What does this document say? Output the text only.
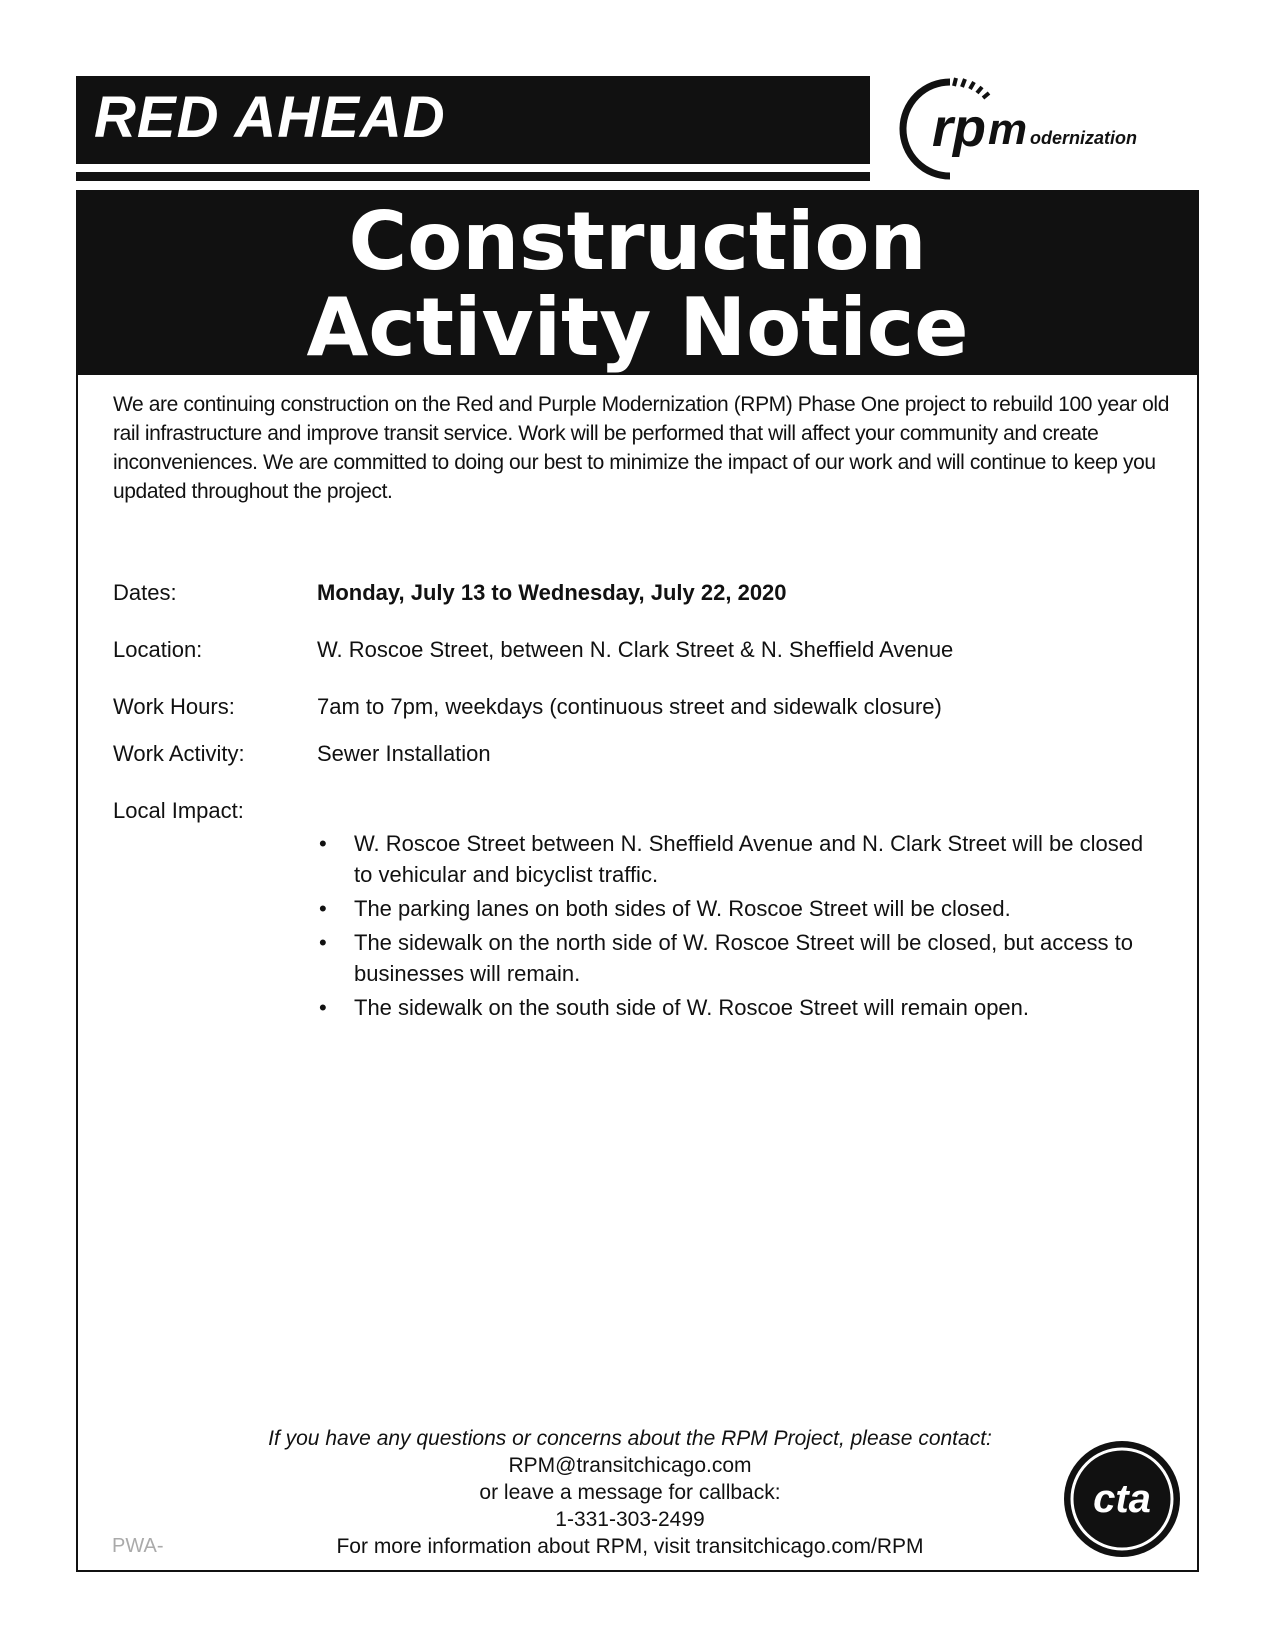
RED AHEAD	rp m odernization
Construction
Activity Notice
We are continuing construction on the Red and Purple Modernization (RPM) Phase One project to rebuild 100 year old rail infrastructure and improve transit service. Work will be performed that will affect your community and create inconveniences. We are committed to doing our best to minimize the impact of our work and will continue to keep you updated throughout the project.
Dates:	Monday, July 13 to Wednesday, July 22, 2020
Location:	W. Roscoe Street, between N. Clark Street & N. Sheffield Avenue
Work Hours:	7am to 7pm, weekdays (continuous street and sidewalk closure)
Work Activity:	Sewer Installation
Local Impact:
• W. Roscoe Street between N. Sheffield Avenue and N. Clark Street will be closed to vehicular and bicyclist traffic.
• The parking lanes on both sides of W. Roscoe Street will be closed.
• The sidewalk on the north side of W. Roscoe Street will be closed, but access to businesses will remain.
• The sidewalk on the south side of W. Roscoe Street will remain open.
If you have any questions or concerns about the RPM Project, please contact:
RPM@transitchicago.com
or leave a message for callback:
1-331-303-2499
For more information about RPM, visit transitchicago.com/RPM
PWA-
cta
